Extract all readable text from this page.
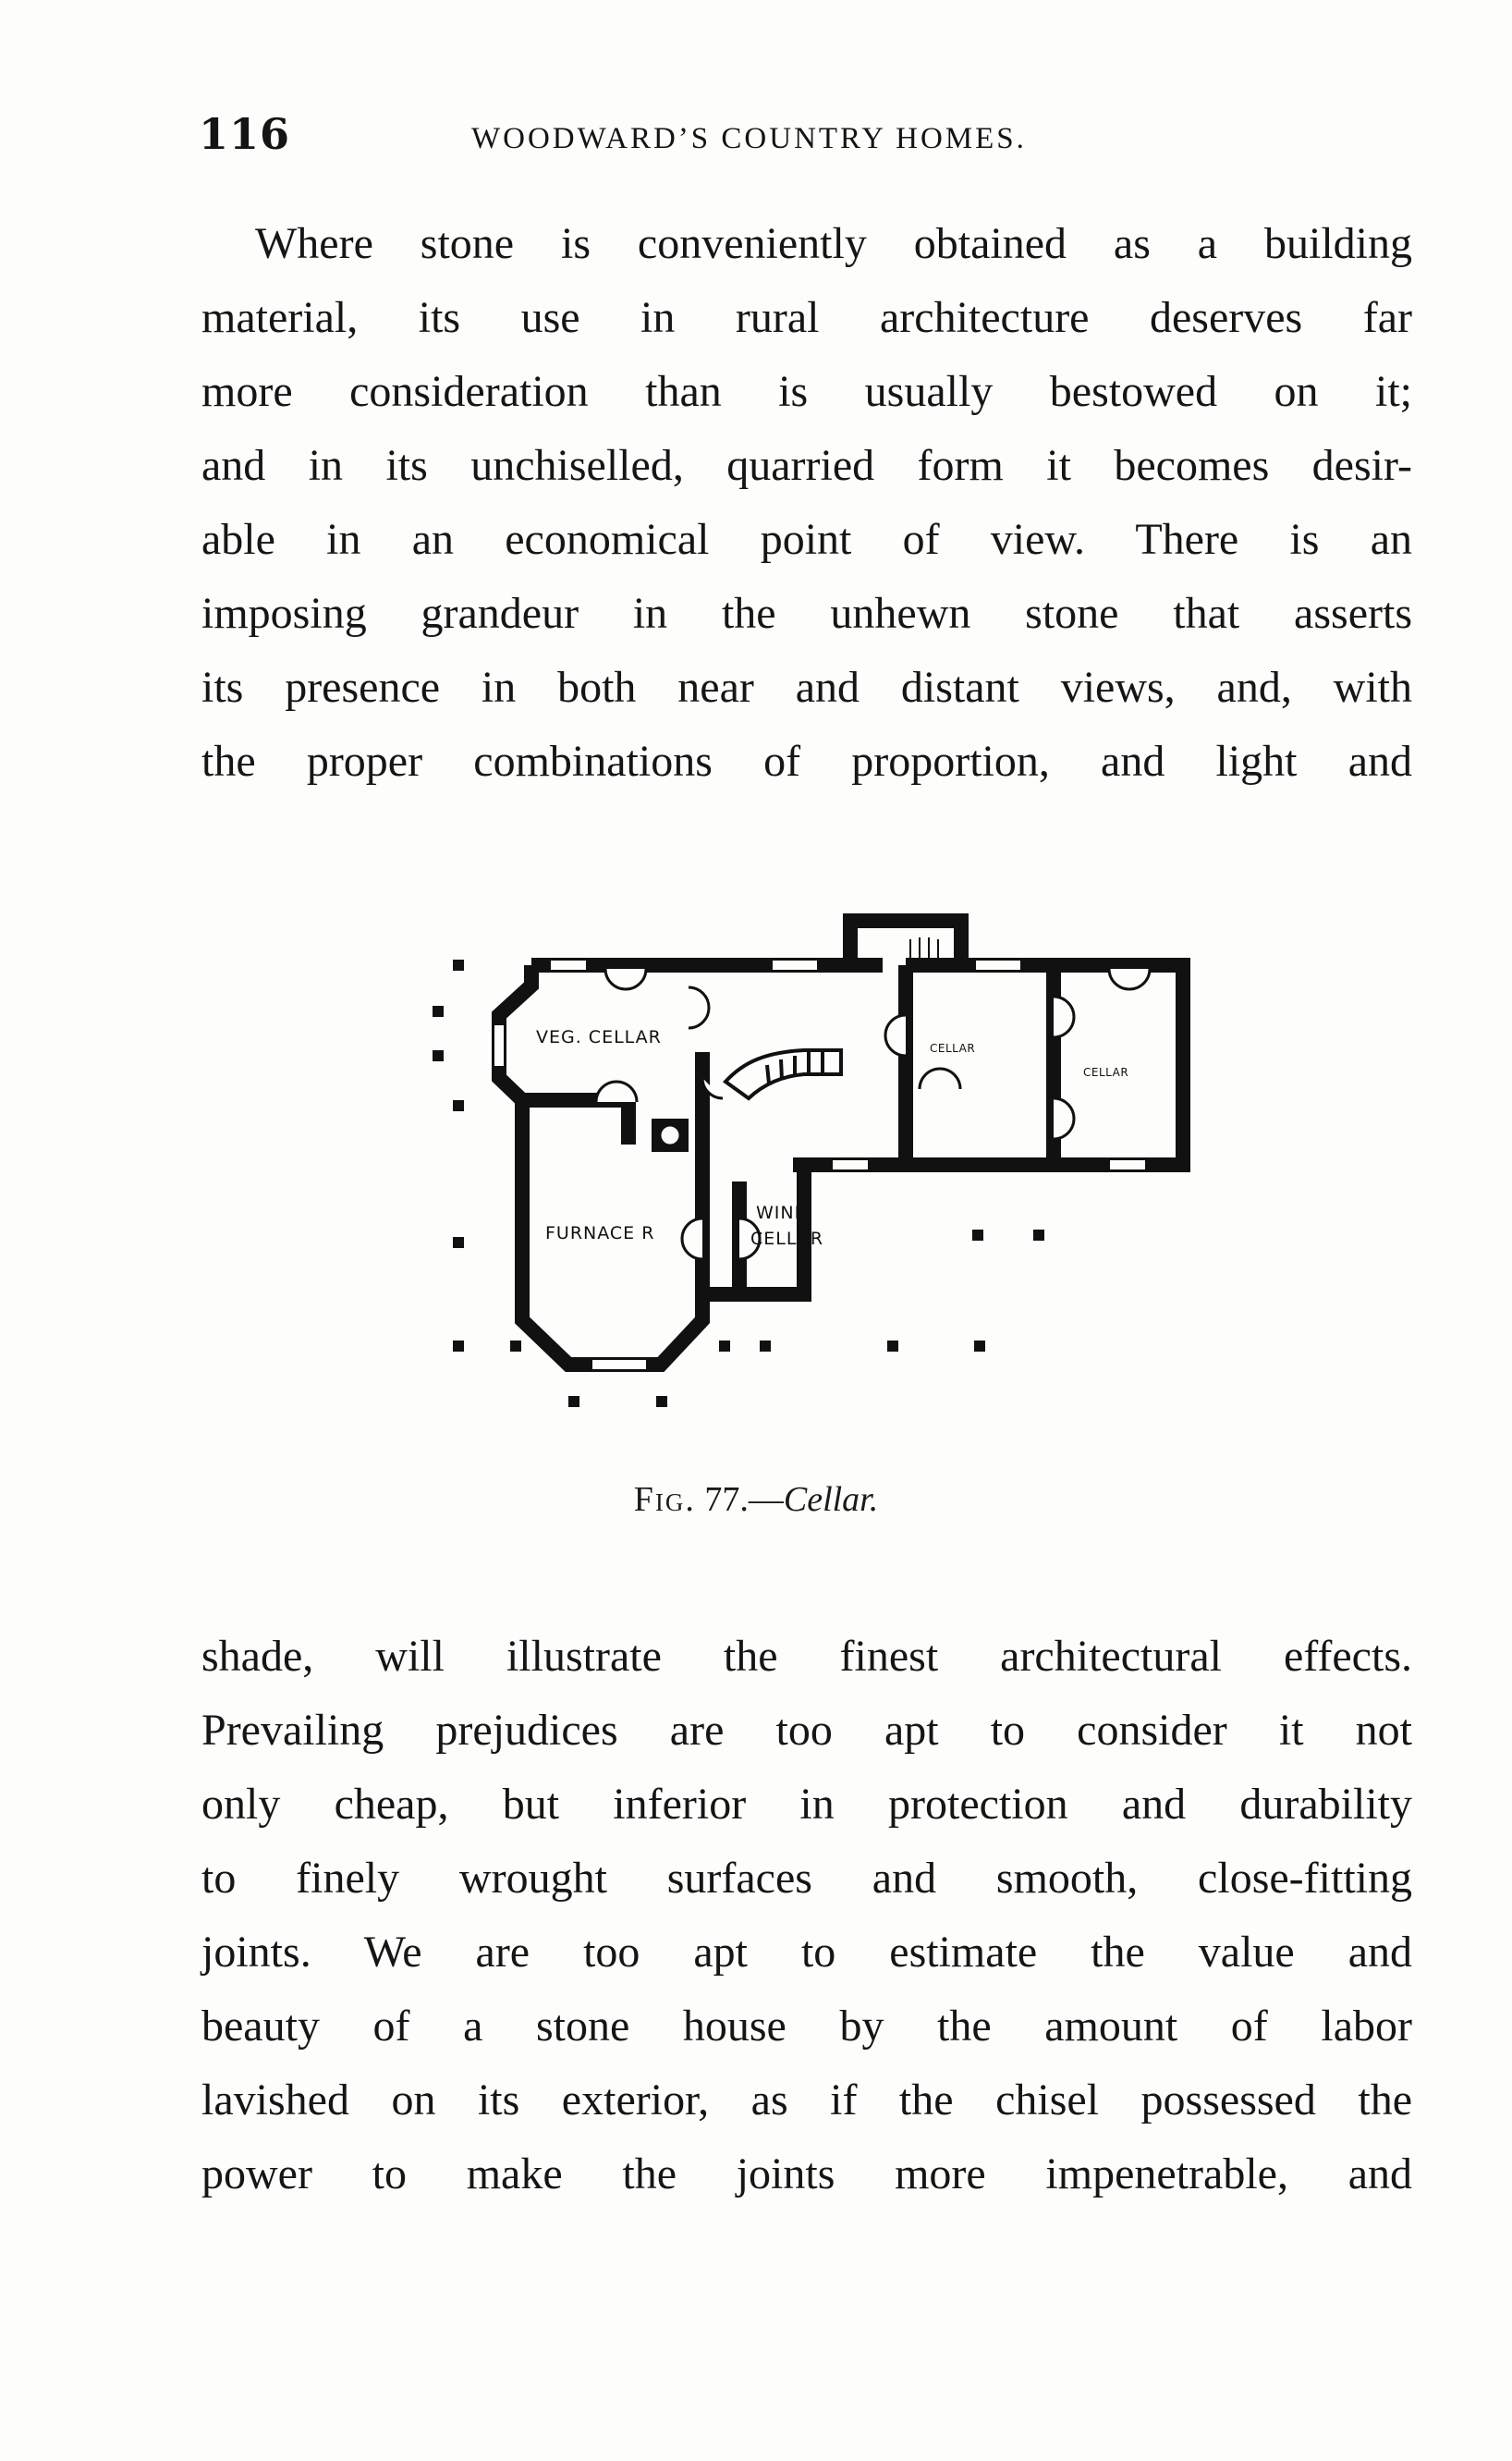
116	WOODWARD’S COUNTRY HOMES.
Where stone is conveniently obtained as a building
material, its use in rural architecture deserves far
more consideration than is usually bestowed on it;
and in its unchiselled, quarried form it becomes desir-
able in an economical point of view. There is an
imposing grandeur in the unhewn stone that asserts
its presence in both near and distant views, and, with
the proper combinations of proportion, and light and
VEG. CELLAR
CELLAR
CELLAR
FURNACE R
WINE
CELLAR
Fig. 77.—Cellar.
shade, will illustrate the finest architectural effects.
Prevailing prejudices are too apt to consider it not
only cheap, but inferior in protection and durability
to finely wrought surfaces and smooth, close-fitting
joints. We are too apt to estimate the value and
beauty of a stone house by the amount of labor
lavished on its exterior, as if the chisel possessed the
power to make the joints more impenetrable, and
